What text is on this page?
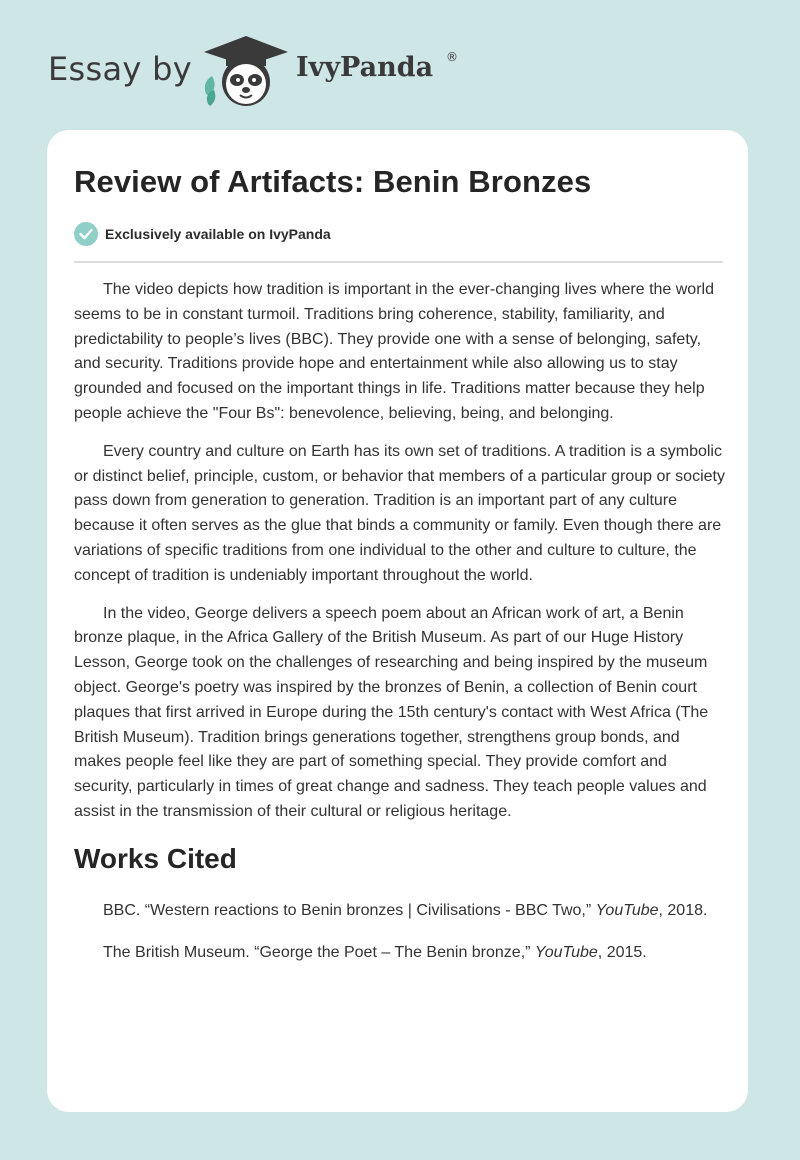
Essay by	IvyPanda ®
Review of Artifacts: Benin Bronzes
Exclusively available on IvyPanda

The video depicts how tradition is important in the ever-changing lives where the world seems to be in constant turmoil. Traditions bring coherence, stability, familiarity, and predictability to people’s lives (BBC). They provide one with a sense of belonging, safety, and security. Traditions provide hope and entertainment while also allowing us to stay grounded and focused on the important things in life. Traditions matter because they help people achieve the "Four Bs": benevolence, believing, being, and belonging.

Every country and culture on Earth has its own set of traditions. A tradition is a symbolic or distinct belief, principle, custom, or behavior that members of a particular group or society pass down from generation to generation. Tradition is an important part of any culture because it often serves as the glue that binds a community or family. Even though there are variations of specific traditions from one individual to the other and culture to culture, the concept of tradition is undeniably important throughout the world.

In the video, George delivers a speech poem about an African work of art, a Benin bronze plaque, in the Africa Gallery of the British Museum. As part of our Huge History Lesson, George took on the challenges of researching and being inspired by the museum object. George's poetry was inspired by the bronzes of Benin, a collection of Benin court plaques that first arrived in Europe during the 15th century's contact with West Africa (The British Museum). Tradition brings generations together, strengthens group bonds, and makes people feel like they are part of something special. They provide comfort and security, particularly in times of great change and sadness. They teach people values and assist in the transmission of their cultural or religious heritage.

Works Cited

BBC. “Western reactions to Benin bronzes | Civilisations - BBC Two,” YouTube, 2018.

The British Museum. “George the Poet – The Benin bronze,” YouTube, 2015.
